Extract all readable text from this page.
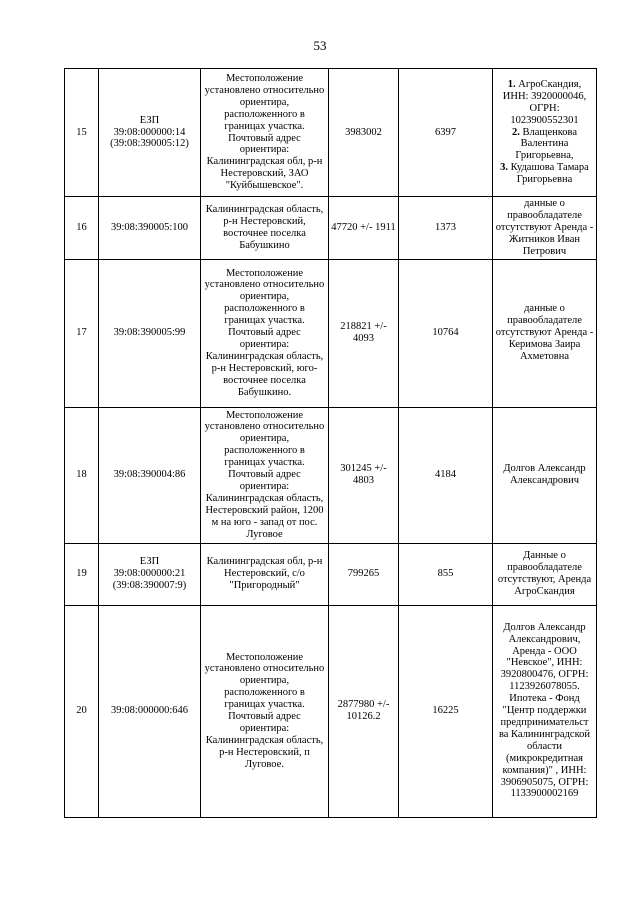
53
15	ЕЗП
39:08:000000:14
(39:08:390005:12)	Местоположение установлено относительно ориентира, расположенного в границах участка. Почтовый адрес ориентира: Калининградская обл, р-н Нестеровский, ЗАО "Куйбышевское".	3983002	6397	1. АгроСкандия, ИНН: 3920000046, ОГРН: 1023900552301
2. Влащенкова Валентина Григорьевна,
3. Кудашова Тамара Григорьевна

16	39:08:390005:100	Калининградская область, р-н Нестеровский, восточнее поселка Бабушкино	47720 +/- 1911	1373	данные о правообладателе отсутствуют Аренда - Житников Иван Петрович
17	39:08:390005:99	Местоположение установлено относительно ориентира, расположенного в границах участка. Почтовый адрес ориентира: Калининградская область, р-н Нестеровский, юго-восточнее поселка Бабушкино.	218821 +/- 4093	10764	данные о правообладателе отсутствуют Аренда - Керимова Заира Ахметовна
18	39:08:390004:86	Местоположение установлено относительно ориентира, расположенного в границах участка. Почтовый адрес ориентира: Калининградская область, Нестеровский район, 1200 м на юго - запад от пос. Луговое	301245 +/- 4803	4184	Долгов Александр Александрович
19	ЕЗП
39:08:000000:21
(39:08:390007:9)	Калининградская обл, р-н Нестеровский, с/о "Пригородный"	799265	855	Данные о правообладателе отсутствуют, Аренда АгроСкандия
20	39:08:000000:646	Местоположение установлено относительно ориентира, расположенного в границах участка. Почтовый адрес ориентира: Калининградская область, р-н Нестеровский, п Луговое.	2877980 +/- 10126.2	16225	Долгов Александр Александрович, Аренда - ООО "Невское", ИНН: 3920800476, ОГРН: 1123926078055. Ипотека - Фонд "Центр поддержки предпринимательст ва Калининградской области (микрокредитная компания)" , ИНН: 3906905075, ОГРН: 1133900002169
